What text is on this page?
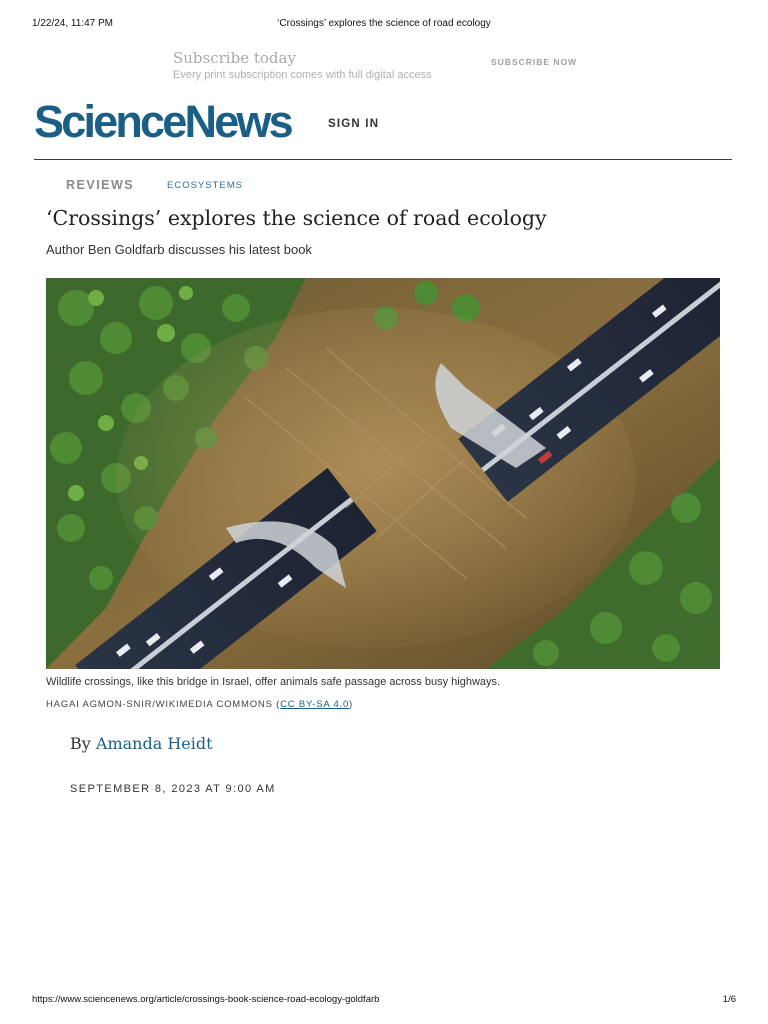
1/22/24, 11:47 PM	‘Crossings’ explores the science of road ecology
Subscribe today
Every print subscription comes with full digital access
SUBSCRIBE NOW
ScienceNews	SIGN IN
REVIEWS	ECOSYSTEMS
‘Crossings’ explores the science of road ecology
Author Ben Goldfarb discusses his latest book
Wildlife crossings, like this bridge in Israel, offer animals safe passage across busy highways.
HAGAI AGMON-SNIR/WIKIMEDIA COMMONS (CC BY-SA 4.0)
By Amanda Heidt
SEPTEMBER 8, 2023 AT 9:00 AM
https://www.sciencenews.org/article/crossings-book-science-road-ecology-goldfarb	1/6
